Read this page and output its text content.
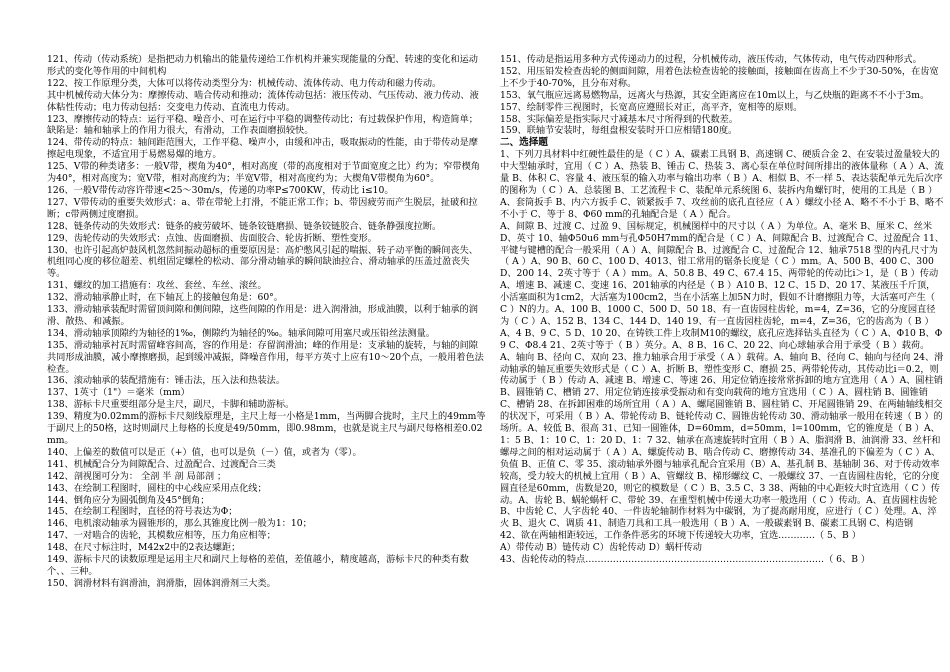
121、传动（传动系统）是指把动力机输出的能量传递给工作机构并兼实现能量的分配、转速的变化和运动形式的变化等作用的中间机构

122、按工作原理分类，大体可以将传动类型分为：机械传动、流体传动、电力传动和磁力传动。

其中机械传动大体分为：摩擦传动、啮合传动和推动；流体传动包括：液压传动、气压传动、液力传动、液体粘性传动；电力传动包括：交变电力传动、直流电力传动。

123、摩擦传动的特点：运行平稳、噪音小、可在运行中平稳的调整传动比；有过载保护作用，构造简单；缺陷是：轴和轴承上的作用力很大，有滑动，工作表面磨损较快。

124、带传动的特点：轴间距范围大，工作平稳、噪声小，由缓和冲击，吸取振动的性能，由于带传动是摩擦起电现象，不适宜用于易燃易爆的地方。

125、V带的种类诸多：一般V带，楔角为40°，相对高度（带的高度相对于节面宽度之比）约为；窄带楔角为40°，相对高度为；宽V带，相对高度约为；半宽V带，相对高度约为；大楔角V带楔角为60°。

126、一般V带传动容许带速<25～30m/s，传递的功率P≤700KW，传动比 i≤10。

127、V带传动的重要失效形式：a、带在带轮上打滑，不能正常工作；b、带因疲劳而产生脱层，扯破和拉断；c带两侧过度磨损。

128、链条传动的失效形式：链条的疲劳破坏、链条铰链磨损、链条铰链胶合、链条静强度拉断。

129、齿轮传动的失效形式：点蚀、齿面磨损、齿面胶合、轮齿折断、塑性变形。

130、也许引起高炉鼓风机忽然间振动超标的重要原因是：高炉憋风引起的喘振、转子动平衡的瞬间丧失、机组同心度的移位超差、机组固定螺栓的松动、部分滑动轴承的瞬间缺油拉合、滑动轴承的压盖过盈丧失等。

131、螺纹的加工措施有：攻丝、套丝、车丝、滚丝。

132、滑动轴承静止时，在下轴瓦上的接触包角是：60°。

133、滑动轴承装配时需留顶间隙和侧间隙，这些间隙的作用是：进入润滑油，形成油膜，以利于轴承的润滑、散热、和减振。

134、滑动轴承顶隙约为轴径的1‰，侧隙约为轴径的‰。轴承间隙可用塞尺或压铅丝法测量。

135、滑动轴承衬瓦时需留峰容间高，容的作用是：存留润滑油；峰的作用是：支承轴的旋转，与轴的间隙共同形成油膜，减小摩擦磨损，起到缓冲减振，降噪音作用，每平方英寸上应有10～20个点，一般用着色法检查。

136、滚动轴承的装配措施有：锤击法，压入法和热装法。

137、1英寸（1"）＝毫米（mm）

138、游标卡尺重要组部分是主尺，副尺，卡脚和辅助游标。

139、精度为0.02mm的游标卡尺刻线原理是，主尺上每一小格是1mm，当两脚合拢时，主尺上的49mm等于副尺上的50格，这时则副尺上每格的长度是49/50mm，即0.98mm，也就是说主尺与副尺每格相差0.02mm。

140、上偏差的数值可以是正（+）值，也可以是负（－）值，或者为（零）。

141、机械配合分为间隙配合、过盈配合、过渡配合三类

142、剖视图可分为： 全剖 半 剖 局部剖 ；

143、在绘制工程图时，圆柱的中心线应采用点化线；

144、倒角应分为圆弧倒角及45°倒角；

145、在绘制工程图时，直径的符号表达为Φ；

146、电机滚动轴承为圆锥形的，那么其锥度比例一般为1：10；

147、一对啮合的齿轮，其模数应相等，压力角应相等；

148、在尺寸标注时，M42x2中的2表达螺距；

149、游标卡尺的读数原理是运用主尺和副尺上每格的差值，差值越小，精度越高，游标卡尺的种类有数个、、三种。

150、润滑材料有润滑油，润滑脂，固体润滑剂三大类。

151、传动是指运用多种方式传递动力的过程，分机械传动，液压传动，气体传动，电气传动四种形式。

152、用压铅发检查齿轮的侧面间隙，用着色法检查齿轮的接触面，接触面在齿高上不少于30-50%，在齿宽上不少于40-70%，且分布对称。

153、氧气瓶应远离易燃物品，远离火与热源，其安全距离应在10m以上，与乙炔瓶的距离不不小于3m。

157、绘制零件三视图时，长宽高应遵照长对正，高平齐，宽相等的原则。

158、实际偏差是指实际尺寸减基本尺寸所得到的代数差。

159、联轴节安装时，每组盘根安装时开口应相错180度。

二、选择题

1、下列刀具材料中红硬性最佳的是（ C ）A、碳素工具钢 B、高速钢 C、硬质合金 2、在安装过盈量较大的中大型轴承时，宜用（ C ）A、热装 B、锤击 C、热装 3、离心泵在单位时间所排出的液体量称（ A ）A、流量 B、体积 C、容量 4、液压泵的输入功率与输出功率（ B ）A、相似 B、不一样 5、表达装配单元先后次序的图称为（ C ）A、总装图 B、工艺流程卡 C、装配单元系统图 6、装拆内角螺钉时，使用的工具是（ B ）A、套筒扳手 B、内六方扳手 C、锁紧扳手 7、攻丝前的底孔直径应（ A ）螺纹小径 A、略不不小于 B、略不不小于 C、等于 8、Φ60 mm的孔轴配合是（ A ）配合。

A、间隙 B、过渡 C、过盈 9、国标规定，机械图样中的尺寸以（ A ）为单位。A、毫米 B、厘米 C、丝米 D、英寸 10、轴Φ50u6 mm与孔Φ50H7mm的配合是（ C ）A、间隙配合 B、过渡配合 C、过盈配合 11、平键与键槽的配合一般采用（ A ）A、间隙配合 B、过渡配合 C、过盈配合 12、轴承7518 型的内孔尺寸为（ A ）A、90 B、60 C、100 D、4013、钳工常用的锯条长度是（ C ）mm。A、500 B、400 C、300 D、200 14、2英寸等于（ A ）mm。A、50.8 B、49 C、67.4 15、两带轮的传动比i＞1，是（ B ）传动 A、增速 B、减速 C、变速 16、201轴承的内径是（ B ）A10 B、12 C、15 D、20 17、某液压千斤顶，小活塞面积为1cm2，大活塞为100cm2，当在小活塞上加5N力时，假如不计磨擦阻力等，大活塞可产生（ C ）N的力。A、100 B、1000 C、500 D、50 18、有一直齿园柱齿轮，m=4，Z=36，它的分度园直径为（ C ）A、152 B、134 C、144 D、140 19、有一直齿园柱齿轮，m=4，Z=36，它的齿高为（ B ）A、4 B、9 C、5 D、10 20、在铸铁工件上攻制M10的螺纹，底孔应选择钻头直径为（ C ）A、Φ10 B、Φ9 C、Φ8.4 21、2英寸等于（ B ）英分。A、8 B、16 C、20 22、向心球轴承合用于承受（ B ）载荷。A、轴向 B、径向 C、双向 23、推力轴承合用于承受（ A ）载荷。A、轴向 B、径向 C、轴向与径向 24、滑动轴承的轴瓦重要失效形式是（ C ）A、折断 B、塑性变形 C、磨损 25、两带轮传动，其传动比i＝0.2，则传动属于（ B ）传动 A、减速 B、增速 C、等速 26、用定位销连接常常拆卸的地方宜选用（ A ）A、圆柱销 B、圆锥销 C、槽销 27、用定位销连接承受振动和有变向载荷的地方宜选用（ C ）A、圆柱销 B、圆锥销 C、槽销 28、在拆卸困难的场所宜用（ A ）A、螺尾圆锥销 B、圆柱销 C、开尾圆锥销 29、在两轴轴线相交的状况下，可采用（ B ）A、带轮传动 B、链轮传动 C、圆锥齿轮传动 30、滑动轴承一般用在转速（ B ）的场所。A、较低 B、很高 31、已知一圆锥体，D=60mm，d=50mm，l=100mm，它的锥度是（ B ）A、1：5 B、1：10 C、1：20 D、1：7 32、轴承在高速旋转时宜用（ B ）A、脂润滑 B、油润滑 33、丝杆和螺母之间的相对运动属于（ A ）A、螺旋传动 B、啮合传动 C、磨擦传动 34、基准孔的下偏差为（ C ）A、负值 B、正值 C、零 35、滚动轴承外圈与轴承孔配合宜采用（B）A、基孔制 B、基轴制 36、对于传动效率较高，受力较大的机械上宜用（ B ）A、管螺纹 B、梯形螺纹 C、一般螺纹 37、一直齿圆柱齿轮，它的分度圆直径是60mm，齿数是20，则它的模数是（ C ）B、3.5 C、3 38、两轴的中心距较大时宜选用（ C ）传动。A、齿轮 B、蜗轮蜗杆 C、带轮 39、在重型机械中传递大功率一般选用（ C ）传动。A、直齿圆柱齿轮 B、中齿轮 C、人字齿轮 40、一件齿轮轴制作材料为中碳钢，为了提高耐用度，应进行（ C ）处理。A、淬火 B、退火 C、调质 41、制造刀具和工具一般选用（ B ）A、一般碳素钢 B、碳素工具钢 C、构造钢

42、欲在两轴相距较远，工作条件恶劣的环境下传递较大功率，宜选…………（ 5、B ）

A）带传动 B）链传动 C）齿轮传动 D）蜗杆传动

43、齿轮传动的特点……………………………………………………………………（ 6、B ）
